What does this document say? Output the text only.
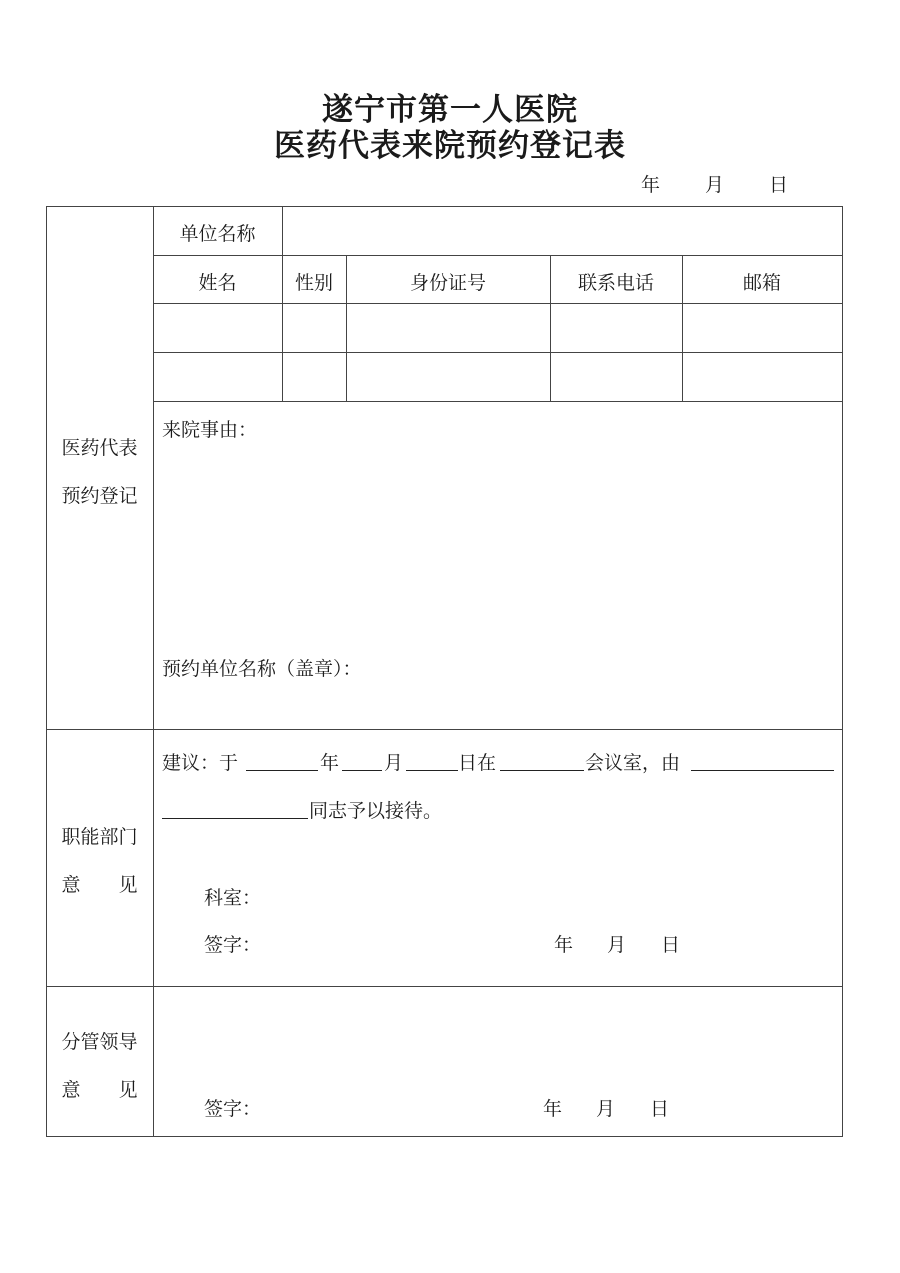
遂宁市第一人医院
医药代表来院预约登记表
年 月 日
医药代表
预约登记
单位名称
姓名	性别	身份证号	联系电话	邮箱
来院事由：
预约单位名称（盖章）：
职能部门
意　　见
建议：于	年 月	日在	会议室，由
同志予以接待。
科室：
签字：	年 月 日
分管领导
意　　见
签字：	年 月 日
